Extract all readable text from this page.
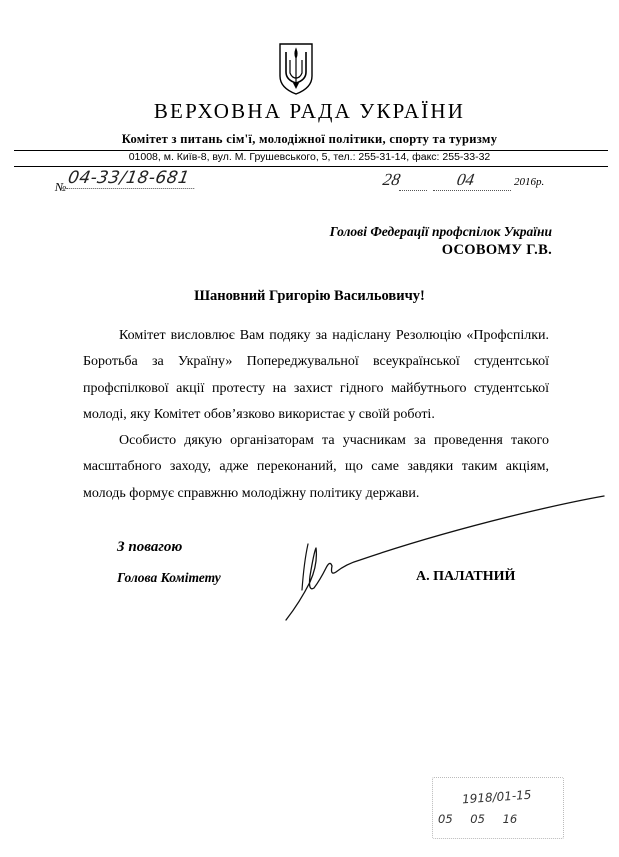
ВЕРХОВНА РАДА УКРАЇНИ
Комітет з питань сім'ї, молодіжної політики, спорту та туризму
01008, м. Київ-8, вул. М. Грушевського, 5, тел.: 255-31-14, факс: 255-33-32
№ 04-33/18-681	28	04	2016р.
Голові Федерації профспілок України
ОСОВОМУ Г.В.
Шановний Григорію Васильовичу!
Комітет висловлює Вам подяку за надіслану Резолюцію «Профспілки. Боротьба за Україну» Попереджувальної всеукраїнської студентської профспілкової акції протесту на захист гідного майбутнього студентської молоді, яку Комітет обов’язково використає у своїй роботі.
Особисто дякую організаторам та учасникам за проведення такого масштабного заходу, адже переконаний, що саме завдяки таким акціям, молодь формує справжню молодіжну політику держави.
З повагою
Голова Комітету	А. ПАЛАТНИЙ
1918/01-15
05 05 16
